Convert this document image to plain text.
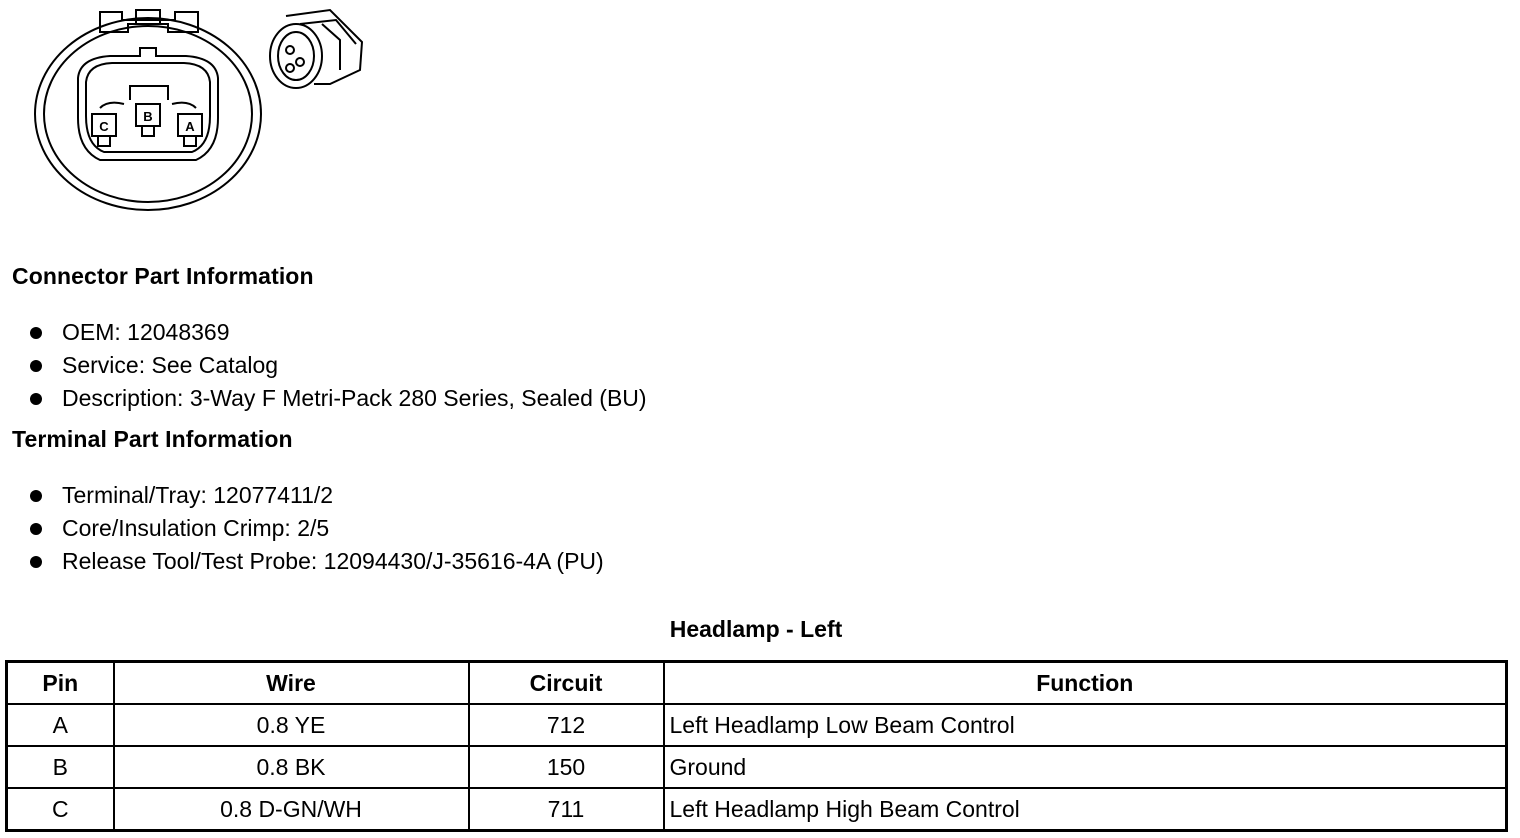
C
B
A
Connector Part Information
OEM: 12048369
Service: See Catalog
Description: 3-Way F Metri-Pack 280 Series, Sealed (BU)
Terminal Part Information
Terminal/Tray: 12077411/2
Core/Insulation Crimp: 2/5
Release Tool/Test Probe: 12094430/J-35616-4A (PU)
Headlamp - Left
Pin	Wire	Circuit	Function
A	0.8 YE	712	Left Headlamp Low Beam Control
B	0.8 BK	150	Ground
C	0.8 D-GN/WH	711	Left Headlamp High Beam Control
